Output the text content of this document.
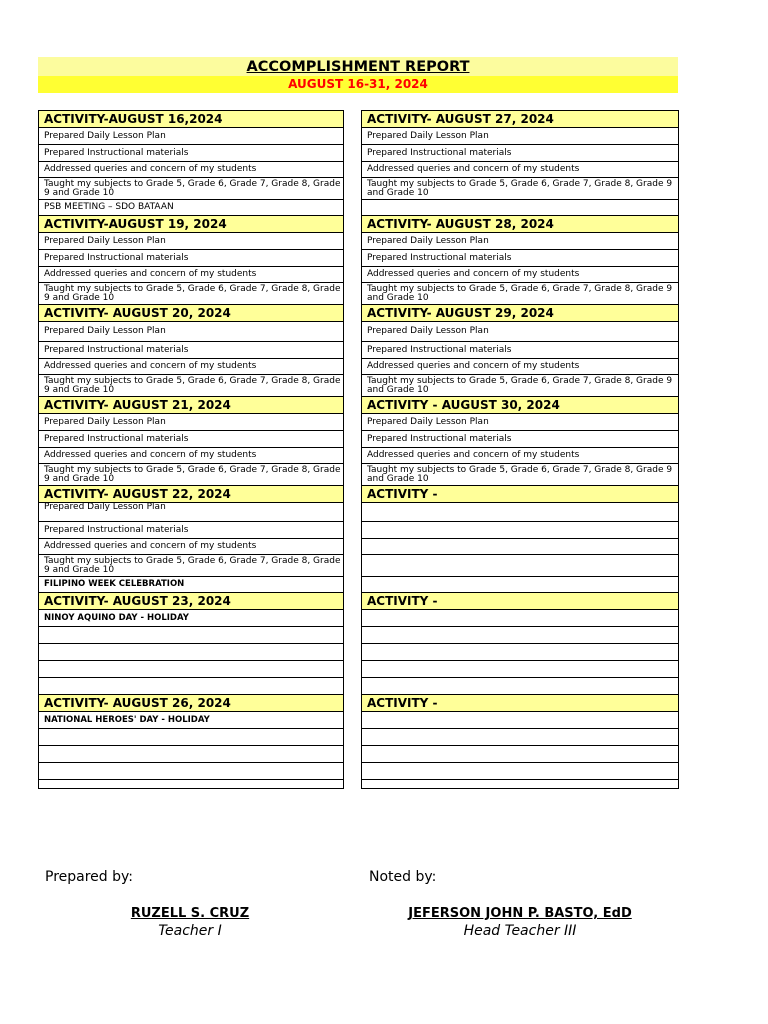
ACCOMPLISHMENT REPORT
AUGUST 16-31, 2024
ACTIVITY-AUGUST 16,2024
Prepared Daily Lesson Plan
Prepared Instructional materials
Addressed queries and concern of my students
Taught my subjects to Grade 5, Grade 6, Grade 7, Grade 8, Grade 9 and Grade 10
PSB MEETING – SDO BATAAN
ACTIVITY-AUGUST 19, 2024
Prepared Daily Lesson Plan
Prepared Instructional materials
Addressed queries and concern of my students
Taught my subjects to Grade 5, Grade 6, Grade 7, Grade 8, Grade 9 and Grade 10
ACTIVITY- AUGUST 20, 2024
Prepared Daily Lesson Plan
Prepared Instructional materials
Addressed queries and concern of my students
Taught my subjects to Grade 5, Grade 6, Grade 7, Grade 8, Grade 9 and Grade 10
ACTIVITY- AUGUST 21, 2024
Prepared Daily Lesson Plan
Prepared Instructional materials
Addressed queries and concern of my students
Taught my subjects to Grade 5, Grade 6, Grade 7, Grade 8, Grade 9 and Grade 10
ACTIVITY- AUGUST 22, 2024
Prepared Daily Lesson Plan
Prepared Instructional materials
Addressed queries and concern of my students
Taught my subjects to Grade 5, Grade 6, Grade 7, Grade 8, Grade 9 and Grade 10
FILIPINO WEEK CELEBRATION
ACTIVITY- AUGUST 23, 2024
NINOY AQUINO DAY - HOLIDAY
ACTIVITY- AUGUST 26, 2024
NATIONAL HEROES' DAY - HOLIDAY
ACTIVITY- AUGUST 27, 2024
Prepared Daily Lesson Plan
Prepared Instructional materials
Addressed queries and concern of my students
Taught my subjects to Grade 5, Grade 6, Grade 7, Grade 8, Grade 9 and Grade 10
ACTIVITY- AUGUST 28, 2024
Prepared Daily Lesson Plan
Prepared Instructional materials
Addressed queries and concern of my students
Taught my subjects to Grade 5, Grade 6, Grade 7, Grade 8, Grade 9 and Grade 10
ACTIVITY- AUGUST 29, 2024
Prepared Daily Lesson Plan
Prepared Instructional materials
Addressed queries and concern of my students
Taught my subjects to Grade 5, Grade 6, Grade 7, Grade 8, Grade 9 and Grade 10
ACTIVITY - AUGUST 30, 2024
Prepared Daily Lesson Plan
Prepared Instructional materials
Addressed queries and concern of my students
Taught my subjects to Grade 5, Grade 6, Grade 7, Grade 8, Grade 9 and Grade 10
ACTIVITY -
ACTIVITY -
ACTIVITY -
Prepared by:
RUZELL S. CRUZ
Teacher I
Noted by:
JEFERSON JOHN P. BASTO, EdD
Head Teacher III
